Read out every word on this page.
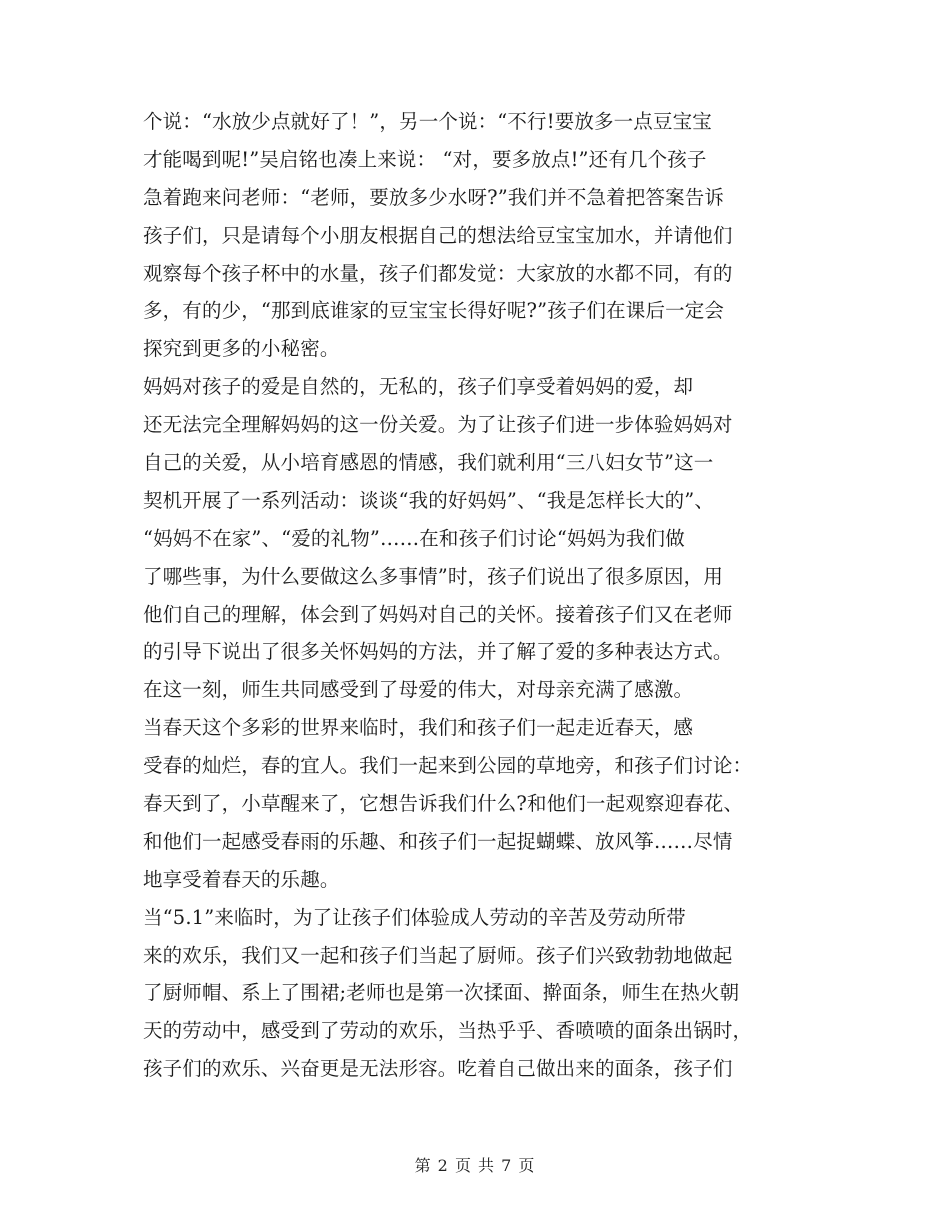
个说：“水放少点就好了！”，另一个说：“不行!要放多一点豆宝宝
才能喝到呢!”吴启铭也凑上来说： “对，要多放点!”还有几个孩子
急着跑来问老师：“老师，要放多少水呀?”我们并不急着把答案告诉
孩子们，只是请每个小朋友根据自己的想法给豆宝宝加水，并请他们
观察每个孩子杯中的水量，孩子们都发觉：大家放的水都不同，有的
多，有的少，“那到底谁家的豆宝宝长得好呢?”孩子们在课后一定会
探究到更多的小秘密。
妈妈对孩子的爱是自然的，无私的，孩子们享受着妈妈的爱，却
还无法完全理解妈妈的这一份关爱。为了让孩子们进一步体验妈妈对
自己的关爱，从小培育感恩的情感，我们就利用“三八妇女节”这一
契机开展了一系列活动：谈谈“我的好妈妈”、“我是怎样长大的”、
“妈妈不在家”、“爱的礼物”……在和孩子们讨论“妈妈为我们做
了哪些事，为什么要做这么多事情”时，孩子们说出了很多原因，用
他们自己的理解，体会到了妈妈对自己的关怀。接着孩子们又在老师
的引导下说出了很多关怀妈妈的方法，并了解了爱的多种表达方式。
在这一刻，师生共同感受到了母爱的伟大，对母亲充满了感激。
当春天这个多彩的世界来临时，我们和孩子们一起走近春天，感
受春的灿烂，春的宜人。我们一起来到公园的草地旁，和孩子们讨论：
春天到了，小草醒来了，它想告诉我们什么?和他们一起观察迎春花、
和他们一起感受春雨的乐趣、和孩子们一起捉蝴蝶、放风筝……尽情
地享受着春天的乐趣。
当“5.1”来临时，为了让孩子们体验成人劳动的辛苦及劳动所带
来的欢乐，我们又一起和孩子们当起了厨师。孩子们兴致勃勃地做起
了厨师帽、系上了围裙;老师也是第一次揉面、擀面条，师生在热火朝
天的劳动中，感受到了劳动的欢乐，当热乎乎、香喷喷的面条出锅时，
孩子们的欢乐、兴奋更是无法形容。吃着自己做出来的面条，孩子们
第 2 页 共 7 页
